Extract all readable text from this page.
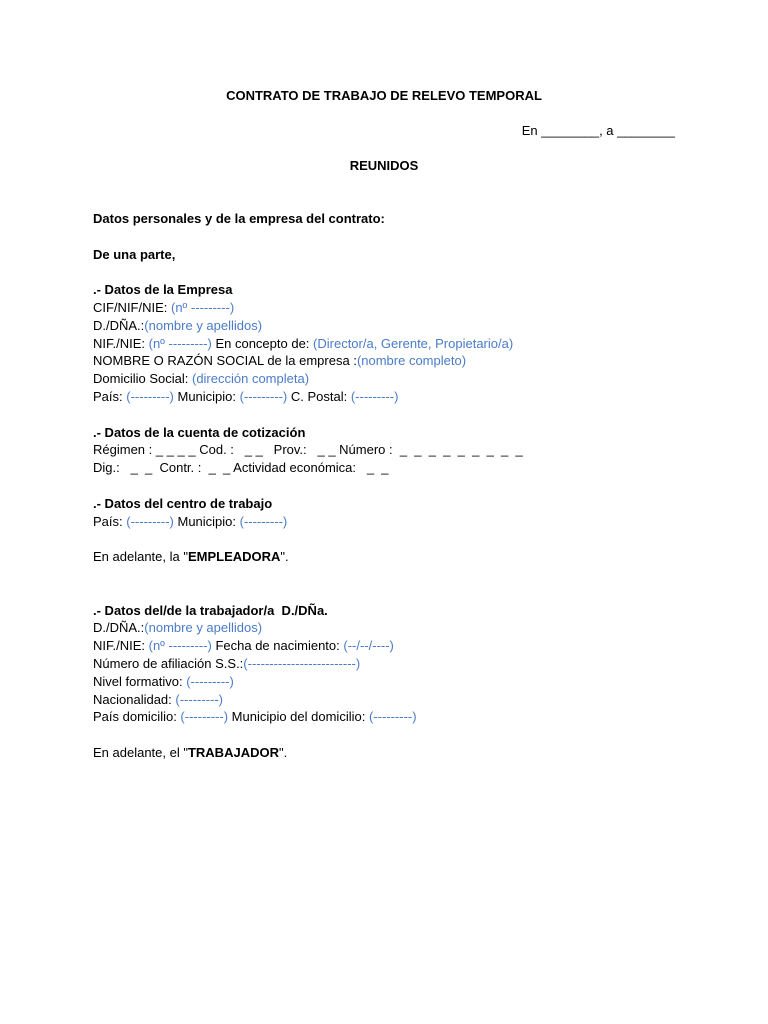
CONTRATO DE TRABAJO DE RELEVO TEMPORAL
En ________, a ________
REUNIDOS
Datos personales y de la empresa del contrato:
De una parte,
.- Datos de la Empresa
CIF/NIF/NIE: (nº ---------)
D./DÑA.:(nombre y apellidos)
NIF./NIE: (nº ---------) En concepto de: (Director/a, Gerente, Propietario/a)
NOMBRE O RAZÓN SOCIAL de la empresa :(nombre completo)
Domicilio Social: (dirección completa)
País: (---------) Municipio: (---------) C. Postal: (---------)
.- Datos de la cuenta de cotización
Régimen : _ _ _ _ Cod. :   _ _   Prov.:   _ _ Número :  _  _  _  _  _  _  _  _  _
Dig.:   _  _  Contr. :  _  _ Actividad económica:   _  _
.- Datos del centro de trabajo
País: (---------) Municipio: (---------)
En adelante, la "EMPLEADORA".
.- Datos del/de la trabajador/a  D./DÑa.
D./DÑA.:(nombre y apellidos)
NIF./NIE: (nº ---------) Fecha de nacimiento: (--/--/----)
Número de afiliación S.S.:(-------------------------)
Nivel formativo: (---------)
Nacionalidad: (---------)
País domicilio: (---------) Municipio del domicilio: (---------)
En adelante, el "TRABAJADOR".
